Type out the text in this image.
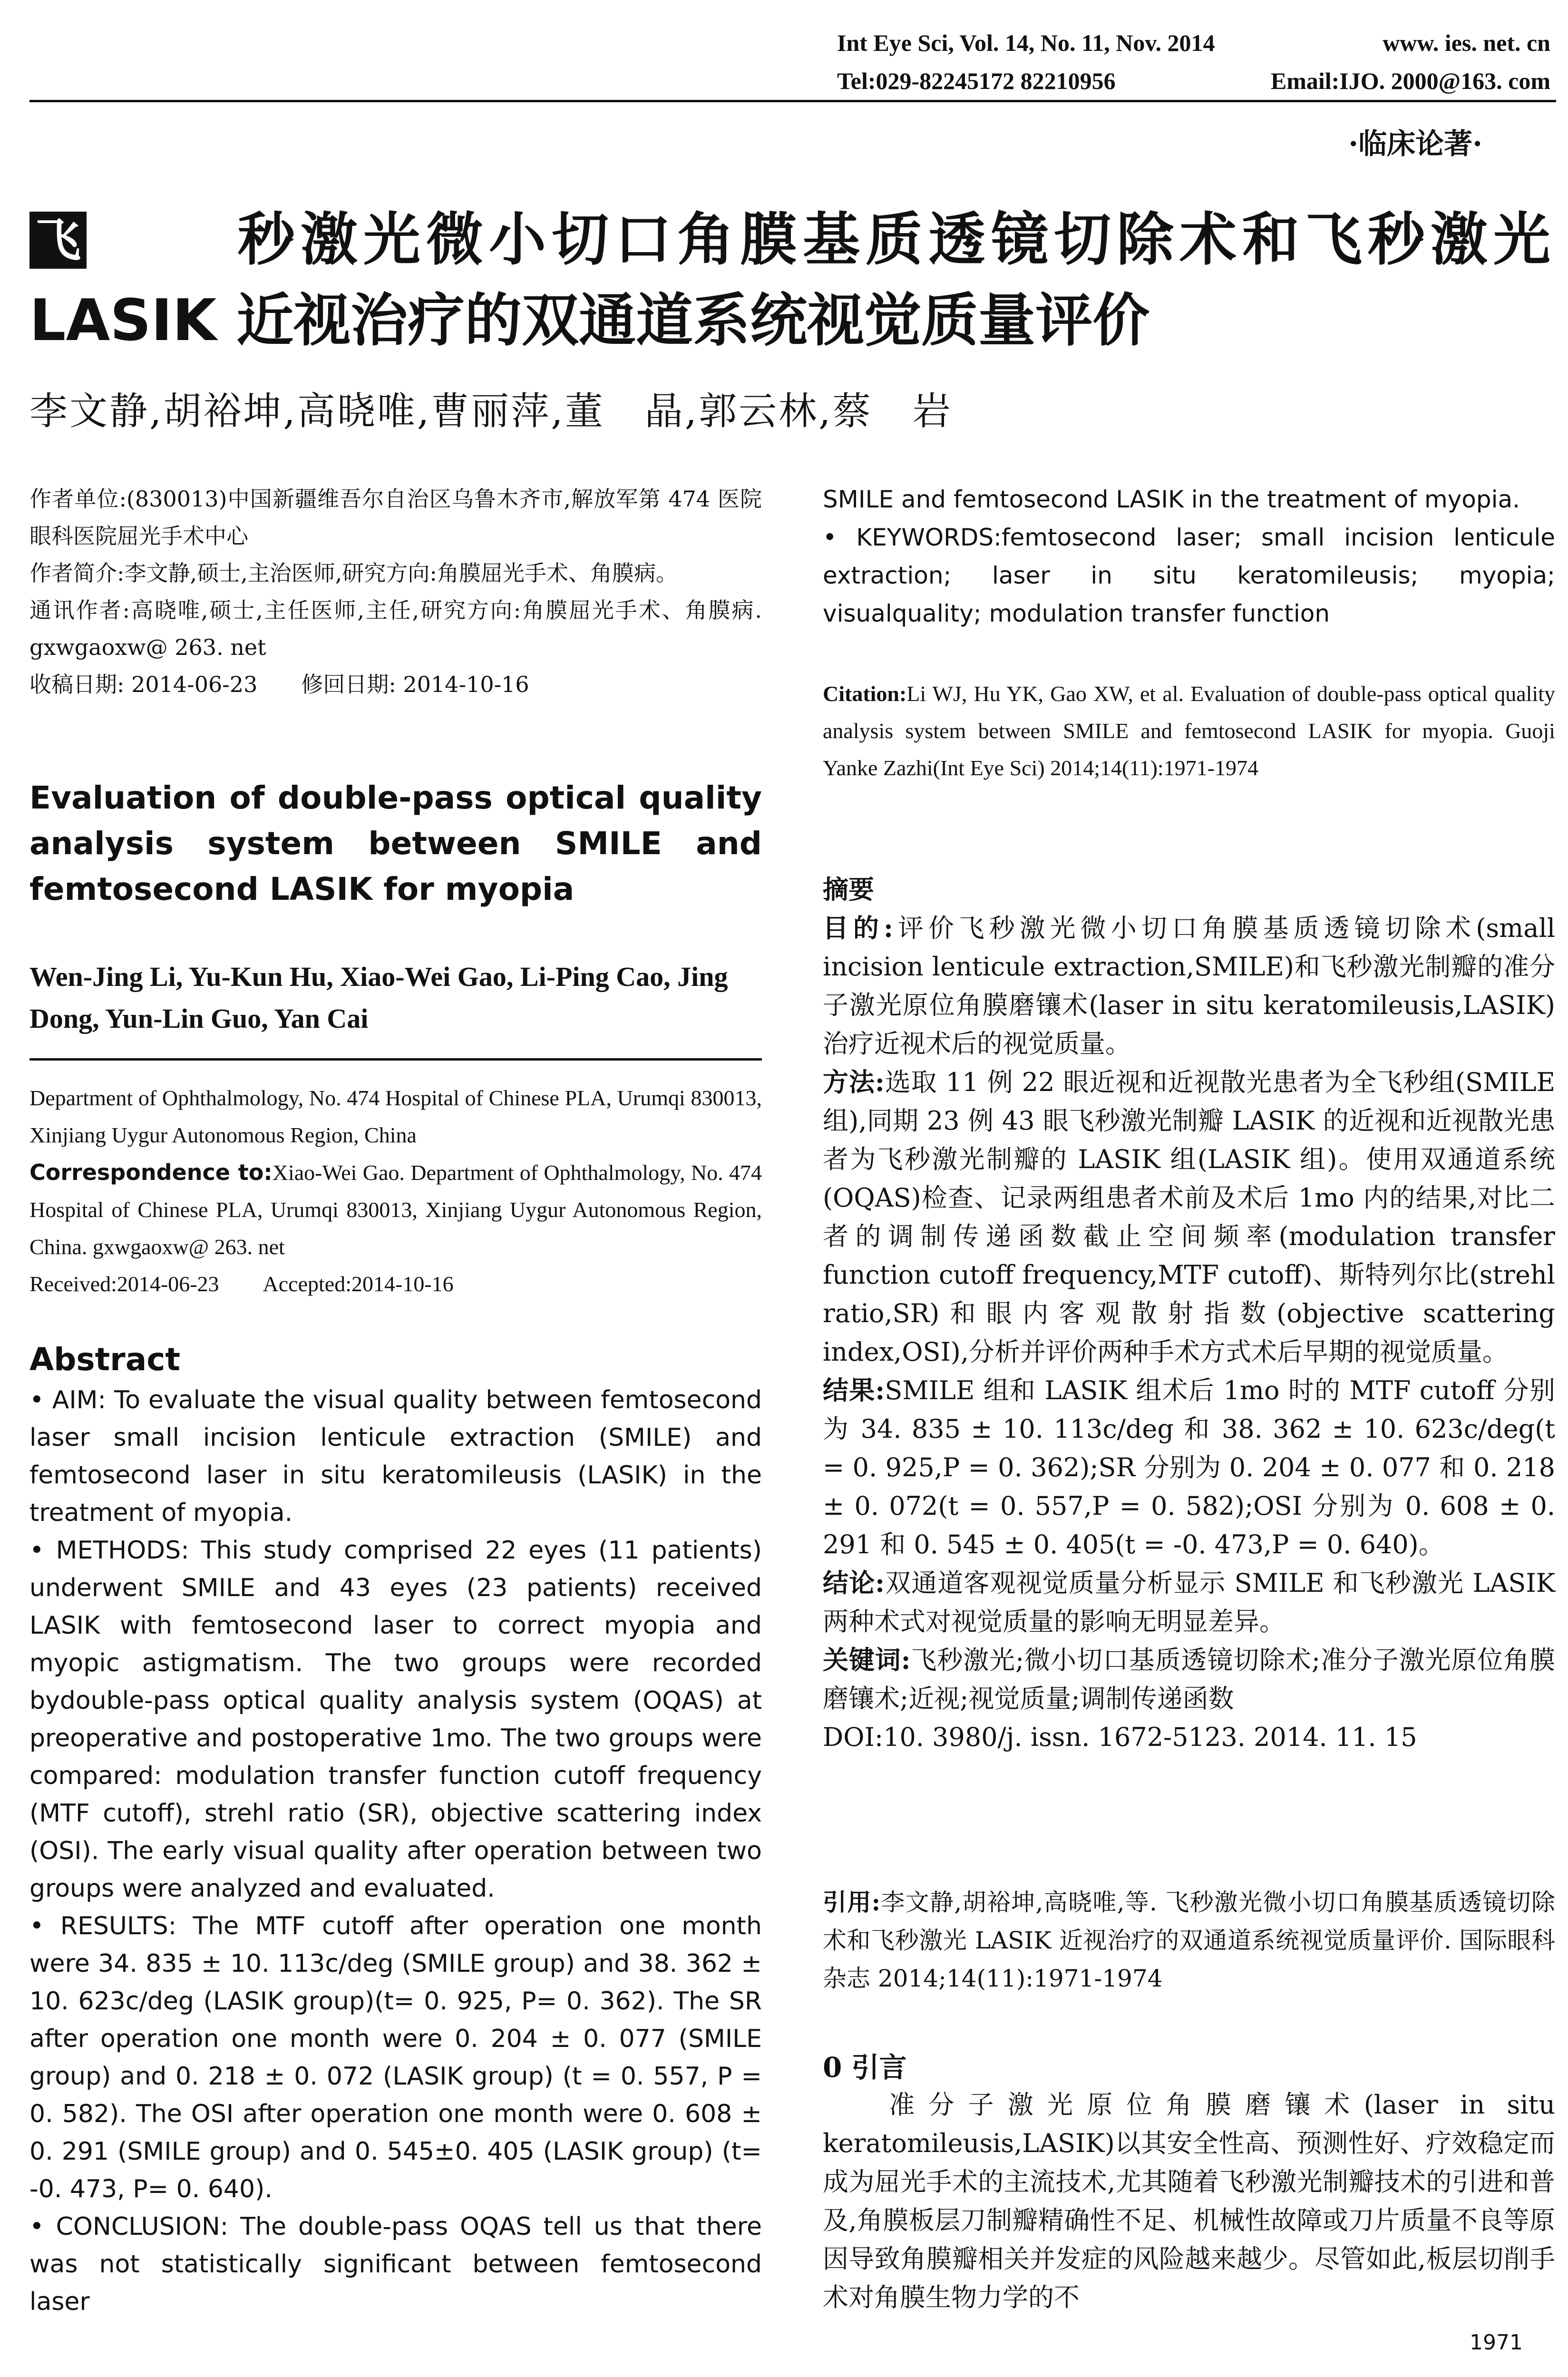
Int Eye Sci, Vol. 14, No. 11, Nov. 2014	www. ies. net. cn
Tel:029-82245172 82210956	Email:IJO. 2000@163. com
·临床论著·
飞	秒激光微小切口角膜基质透镜切除术和飞秒激光
LASIK 近视治疗的双通道系统视觉质量评价
李文静,胡裕坤,高晓唯,曹丽萍,董　晶,郭云林,蔡　岩

作者单位:(830013)中国新疆维吾尔自治区乌鲁木齐市,解放军第 474 医院眼科医院屈光手术中心

作者简介:李文静,硕士,主治医师,研究方向:角膜屈光手术、角膜病。

通讯作者:高晓唯,硕士,主任医师,主任,研究方向:角膜屈光手术、角膜病. gxwgaoxw@ 263. net

收稿日期: 2014-06-23　　修回日期: 2014-10-16

Evaluation of double-pass optical quality analysis system between SMILE and femtosecond LASIK for myopia
Wen-Jing Li, Yu-Kun Hu, Xiao-Wei Gao, Li-Ping Cao, Jing Dong, Yun-Lin Guo, Yan Cai

Department of Ophthalmology, No. 474 Hospital of Chinese PLA, Urumqi 830013, Xinjiang Uygur Autonomous Region, China

Correspondence to:Xiao-Wei Gao. Department of Ophthalmology, No. 474 Hospital of Chinese PLA, Urumqi 830013, Xinjiang Uygur Autonomous Region, China. gxwgaoxw@ 263. net

Received:2014-06-23　　Accepted:2014-10-16

Abstract
• AIM: To evaluate the visual quality between femtosecond laser small incision lenticule extraction (SMILE) and femtosecond laser in situ keratomileusis (LASIK) in the treatment of myopia.
• METHODS: This study comprised 22 eyes (11 patients) underwent SMILE and 43 eyes (23 patients) received LASIK with femtosecond laser to correct myopia and myopic astigmatism. The two groups were recorded bydouble-pass optical quality analysis system (OQAS) at preoperative and postoperative 1mo. The two groups were compared: modulation transfer function cutoff frequency (MTF cutoff), strehl ratio (SR), objective scattering index (OSI). The early visual quality after operation between two groups were analyzed and evaluated.
• RESULTS: The MTF cutoff after operation one month were 34. 835 ± 10. 113c/deg (SMILE group) and 38. 362 ± 10. 623c/deg (LASIK group)(t= 0. 925, P= 0. 362). The SR after operation one month were 0. 204 ± 0. 077 (SMILE group) and 0. 218 ± 0. 072 (LASIK group) (t = 0. 557, P = 0. 582). The OSI after operation one month were 0. 608 ± 0. 291 (SMILE group) and 0. 545±0. 405 (LASIK group) (t= -0. 473, P= 0. 640).
• CONCLUSION: The double-pass OQAS tell us that there was not statistically significant between femtosecond laser
SMILE and femtosecond LASIK in the treatment of myopia.
• KEYWORDS:femtosecond laser; small incision lenticule extraction; laser in situ keratomileusis; myopia; visualquality; modulation transfer function
Citation:Li WJ, Hu YK, Gao XW, et al. Evaluation of double-pass optical quality analysis system between SMILE and femtosecond LASIK for myopia. Guoji Yanke Zazhi(Int Eye Sci) 2014;14(11):1971-1974
摘要
目的:评价飞秒激光微小切口角膜基质透镜切除术(small incision lenticule extraction,SMILE)和飞秒激光制瓣的准分子激光原位角膜磨镶术(laser in situ keratomileusis,LASIK)治疗近视术后的视觉质量。
方法:选取 11 例 22 眼近视和近视散光患者为全飞秒组(SMILE 组),同期 23 例 43 眼飞秒激光制瓣 LASIK 的近视和近视散光患者为飞秒激光制瓣的 LASIK 组(LASIK 组)。使用双通道系统(OQAS)检查、记录两组患者术前及术后 1mo 内的结果,对比二者的调制传递函数截止空间频率(modulation transfer function cutoff frequency,MTF cutoff)、斯特列尔比(strehl ratio,SR)和眼内客观散射指数(objective scattering index,OSI),分析并评价两种手术方式术后早期的视觉质量。
结果:SMILE 组和 LASIK 组术后 1mo 时的 MTF cutoff 分别为 34. 835 ± 10. 113c/deg 和 38. 362 ± 10. 623c/deg(t = 0. 925,P = 0. 362);SR 分别为 0. 204 ± 0. 077 和 0. 218 ± 0. 072(t = 0. 557,P = 0. 582);OSI 分别为 0. 608 ± 0. 291 和 0. 545 ± 0. 405(t = -0. 473,P = 0. 640)。
结论:双通道客观视觉质量分析显示 SMILE 和飞秒激光 LASIK 两种术式对视觉质量的影响无明显差异。
关键词:飞秒激光;微小切口基质透镜切除术;准分子激光原位角膜磨镶术;近视;视觉质量;调制传递函数
DOI:10. 3980/j. issn. 1672-5123. 2014. 11. 15
引用:李文静,胡裕坤,高晓唯,等. 飞秒激光微小切口角膜基质透镜切除术和飞秒激光 LASIK 近视治疗的双通道系统视觉质量评价. 国际眼科杂志 2014;14(11):1971-1974
0 引言
准分子激光原位角膜磨镶术(laser in situ keratomileusis,LASIK)以其安全性高、预测性好、疗效稳定而成为屈光手术的主流技术,尤其随着飞秒激光制瓣技术的引进和普及,角膜板层刀制瓣精确性不足、机械性故障或刀片质量不良等原因导致角膜瓣相关并发症的风险越来越少。尽管如此,板层切削手术对角膜生物力学的不
1971
